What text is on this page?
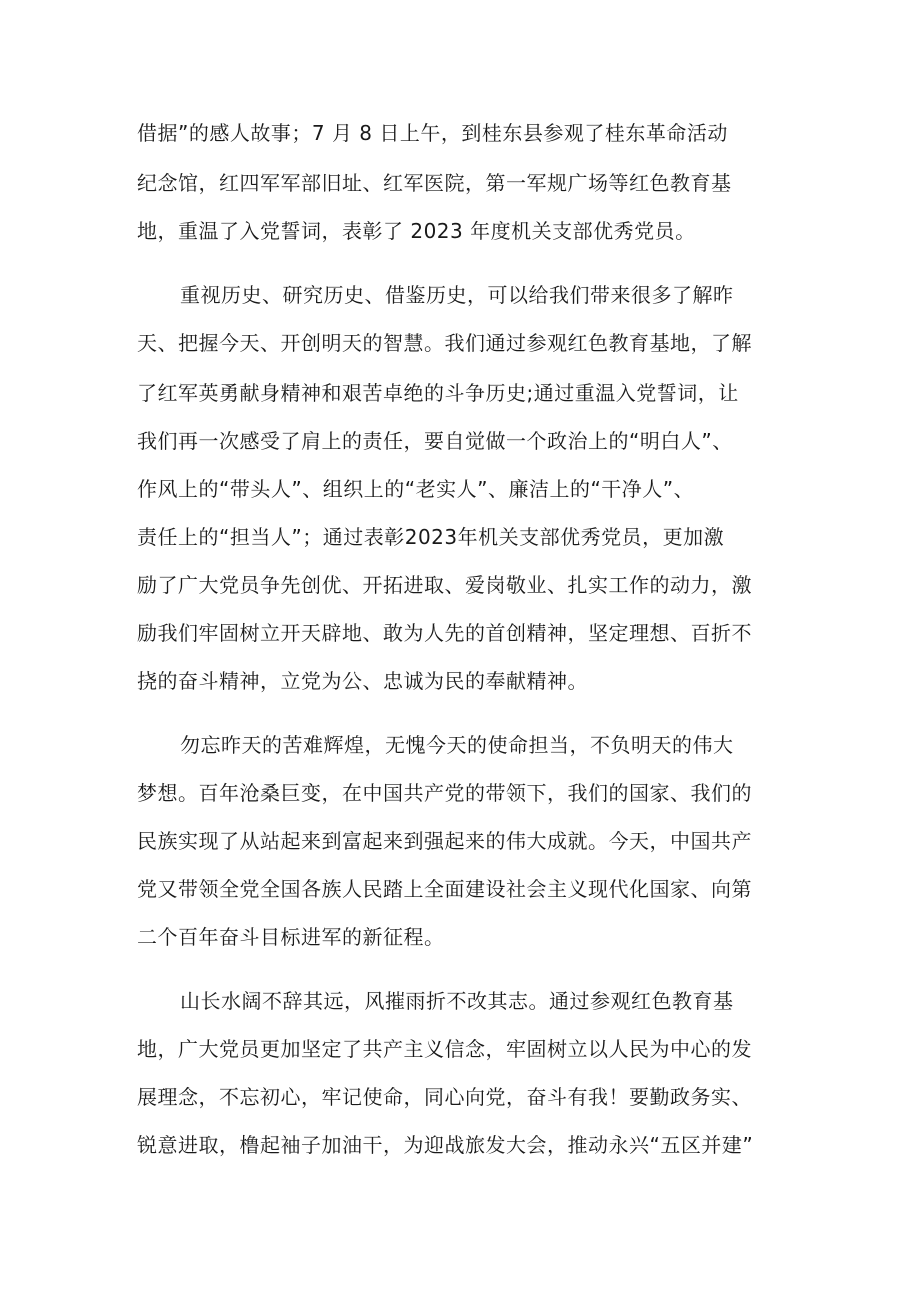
借据”的感人故事；7 月 8 日上午，到桂东县参观了桂东革命活动
纪念馆，红四军军部旧址、红军医院，第一军规广场等红色教育基
地，重温了入党誓词，表彰了 2023 年度机关支部优秀党员。
重视历史、研究历史、借鉴历史，可以给我们带来很多了解昨
天、把握今天、开创明天的智慧。我们通过参观红色教育基地，了解
了红军英勇献身精神和艰苦卓绝的斗争历史;通过重温入党誓词，让
我们再一次感受了肩上的责任，要自觉做一个政治上的“明白人”、
作风上的“带头人”、组织上的“老实人”、廉洁上的“干净人”、
责任上的“担当人”；通过表彰2023年机关支部优秀党员，更加激
励了广大党员争先创优、开拓进取、爱岗敬业、扎实工作的动力，激
励我们牢固树立开天辟地、敢为人先的首创精神，坚定理想、百折不
挠的奋斗精神，立党为公、忠诚为民的奉献精神。
勿忘昨天的苦难辉煌，无愧今天的使命担当，不负明天的伟大
梦想。百年沧桑巨变，在中国共产党的带领下，我们的国家、我们的
民族实现了从站起来到富起来到强起来的伟大成就。今天，中国共产
党又带领全党全国各族人民踏上全面建设社会主义现代化国家、向第
二个百年奋斗目标进军的新征程。
山长水阔不辞其远，风摧雨折不改其志。通过参观红色教育基
地，广大党员更加坚定了共产主义信念，牢固树立以人民为中心的发
展理念，不忘初心，牢记使命，同心向党，奋斗有我！要勤政务实、
锐意进取，橹起袖子加油干，为迎战旅发大会，推动永兴“五区并建”
